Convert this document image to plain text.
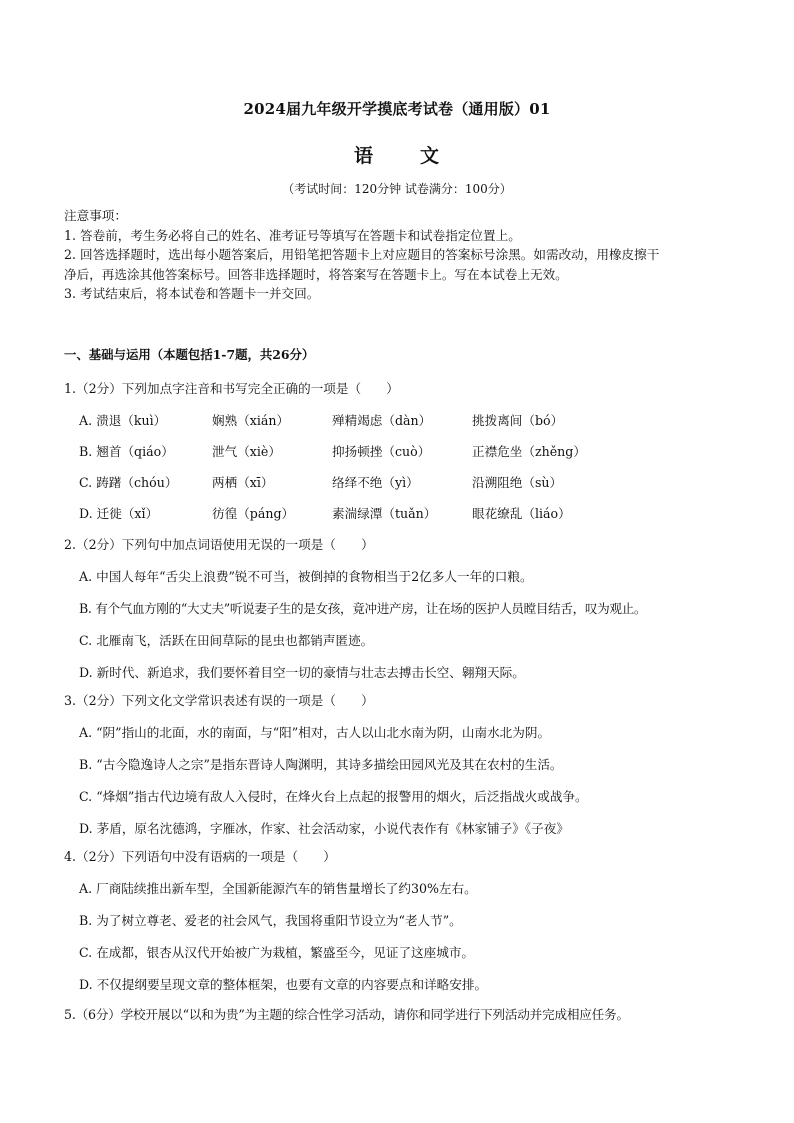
2024届九年级开学摸底考试卷（通用版）01
语 文
（考试时间：120分钟 试卷满分：100分）

注意事项：

1. 答卷前，考生务必将自己的姓名、准考证号等填写在答题卡和试卷指定位置上。

2. 回答选择题时，选出每小题答案后，用铅笔把答题卡上对应题目的答案标号涂黑。如需改动，用橡皮擦干

净后，再选涂其他答案标号。回答非选择题时，将答案写在答题卡上。写在本试卷上无效。

3. 考试结束后，将本试卷和答题卡一并交回。

一、基础与运用（本题包括1-7题，共26分）
1.（2分）下列加点字注音和书写完全正确的一项是（　　）
A. 溃退（kuì）	娴熟（xián）	殚精竭虑（dàn）	挑拨离间（bó）
B. 翘首（qiáo）	泄气（xiè）	抑扬顿挫（cuò）	正襟危坐（zhěng）
C. 踌躇（chóu）	两栖（xī）	络绎不绝（yì）	沿溯阻绝（sù）
D. 迁徙（xǐ）	彷徨（páng）	素湍绿潭（tuǎn）	眼花缭乱（liáo）
2.（2分）下列句中加点词语使用无误的一项是（　　）
A. 中国人每年“舌尖上浪费”锐不可当，被倒掉的食物相当于2亿多人一年的口粮。
B. 有个气血方刚的“大丈夫”听说妻子生的是女孩，竟冲进产房，让在场的医护人员瞠目结舌，叹为观止。
C. 北雁南飞，活跃在田间草际的昆虫也都销声匿迹。
D. 新时代、新追求，我们要怀着目空一切的豪情与壮志去搏击长空、翱翔天际。
3.（2分）下列文化文学常识表述有误的一项是（　　）
A. “阴”指山的北面，水的南面，与“阳”相对，古人以山北水南为阴，山南水北为阴。
B. “古今隐逸诗人之宗”是指东晋诗人陶渊明，其诗多描绘田园风光及其在农村的生活。
C. “烽烟”指古代边境有敌人入侵时，在烽火台上点起的报警用的烟火，后泛指战火或战争。
D. 茅盾，原名沈德鸿，字雁冰，作家、社会活动家，小说代表作有《林家铺子》《子夜》
4.（2分）下列语句中没有语病的一项是（　　）
A. 厂商陆续推出新车型，全国新能源汽车的销售量增长了约30%左右。
B. 为了树立尊老、爱老的社会风气，我国将重阳节设立为“老人节”。
C. 在成都，银杏从汉代开始被广为栽植，繁盛至今，见证了这座城市。
D. 不仅提纲要呈现文章的整体框架，也要有文章的内容要点和详略安排。
5.（6分）学校开展以“以和为贵”为主题的综合性学习活动，请你和同学进行下列活动并完成相应任务。
